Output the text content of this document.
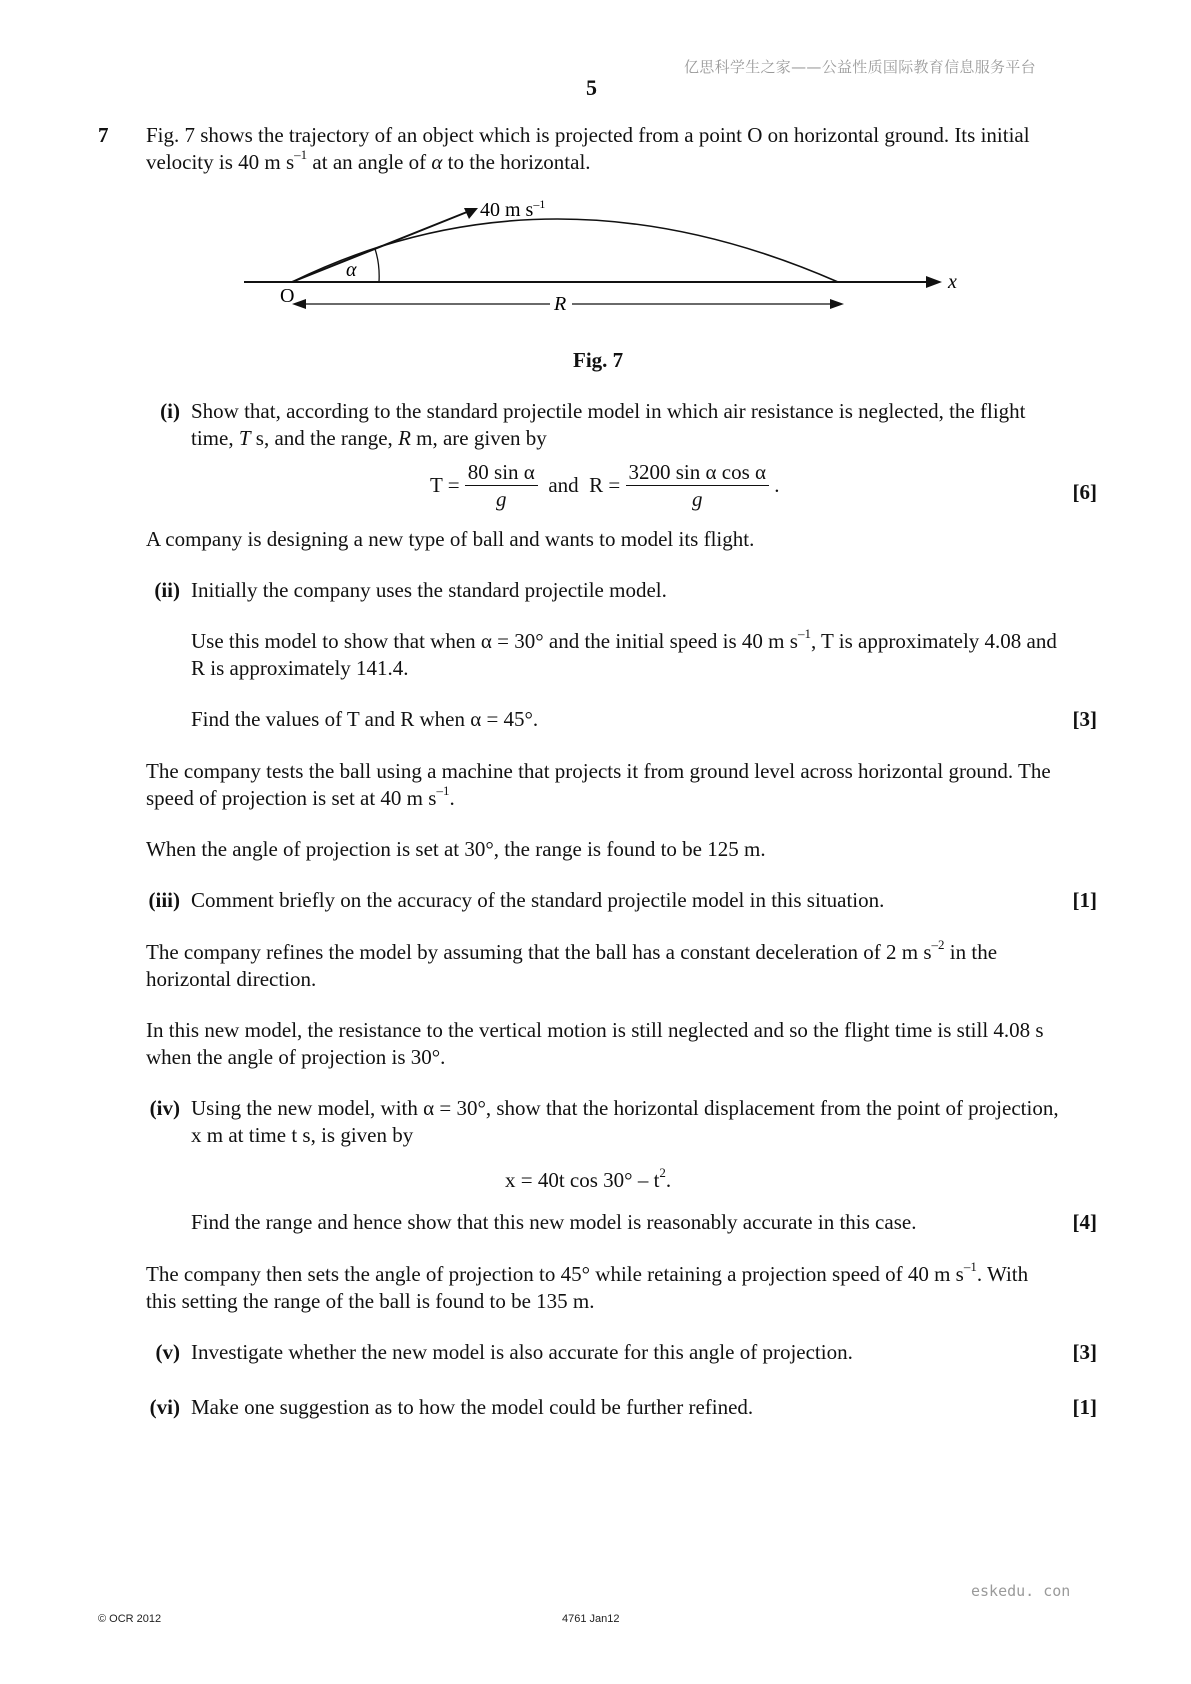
亿思科学生之家——公益性质国际教育信息服务平台
5
7 Fig. 7 shows the trajectory of an object which is projected from a point O on horizontal ground. Its initial
velocity is 40 m $s^{-1}$ at an angle of α to the horizontal.
40 m $s^{-1}$
α
O	R
x
Fig. 7
(i) Show that, according to the standard projectile model in which air resistance is neglected, the flight
time, T s, and the range, R m, are given by
$T = \frac{\text{80 sin α}}{g}$ and $R = \frac{\text{3200 sin α cos α}}{g}$ .	[6]
A company is designing a new type of ball and wants to model its flight.
(ii) Initially the company uses the standard projectile model.
Use this model to show that when α = 30° and the initial speed is 40 m $s^{-1}$, T is approximately 4.08 and
R is approximately 141.4.
Find the values of T and R when α = 45°.	[3]
The company tests the ball using a machine that projects it from ground level across horizontal ground. The
speed of projection is set at 40 m $s^{-1}$.
When the angle of projection is set at 30°, the range is found to be 125 m.
(iii) Comment briefly on the accuracy of the standard projectile model in this situation.	[1]
The company refines the model by assuming that the ball has a constant deceleration of 2 m $s^{-2}$ in the
horizontal direction.
In this new model, the resistance to the vertical motion is still neglected and so the flight time is still 4.08 s
when the angle of projection is 30°.
(iv) Using the new model, with α = 30°, show that the horizontal displacement from the point of projection,
x m at time t s, is given by
x = 40t $\cos 30^\circ - t^2$.
Find the range and hence show that this new model is reasonably accurate in this case.	[4]
The company then sets the angle of projection to 45° while retaining a projection speed of 40 m $s^{-1}$. With
this setting the range of the ball is found to be 135 m.
(v) Investigate whether the new model is also accurate for this angle of projection.	[3]
(vi) Make one suggestion as to how the model could be further refined.	[1]
eskedu. con
© OCR 2012	4761 Jan12
